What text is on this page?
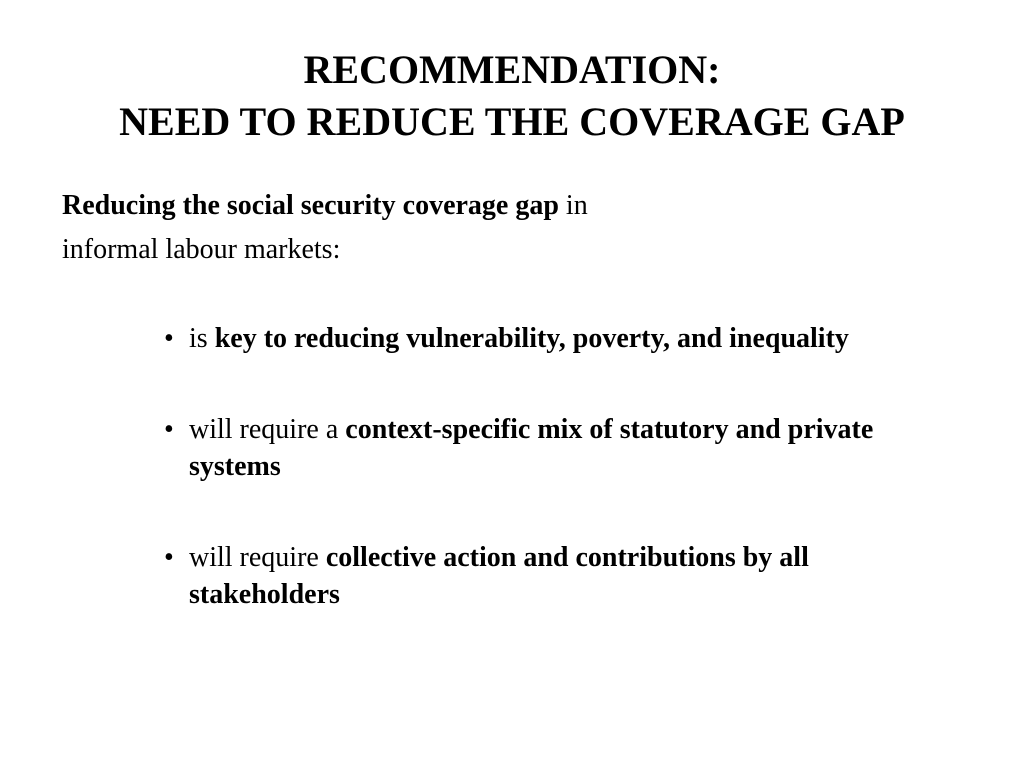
RECOMMENDATION:
NEED TO REDUCE THE COVERAGE GAP
Reducing the social security coverage gap in
informal labour markets:
• is key to reducing vulnerability, poverty, and inequality
• will require a context-specific mix of statutory and private systems
• will require collective action and contributions by all stakeholders
